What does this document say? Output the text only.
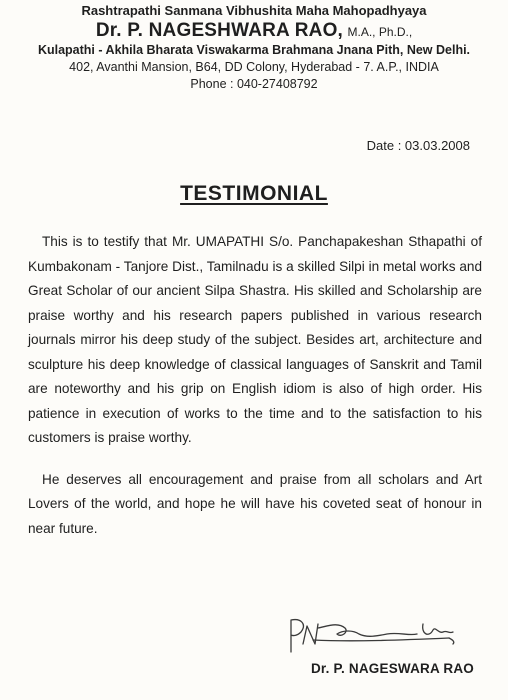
Rashtrapathi Sanmana Vibhushita Maha Mahopadhyaya
Dr. P. NAGESHWARA RAO, M.A., Ph.D.,
Kulapathi - Akhila Bharata Viswakarma Brahmana Jnana Pith, New Delhi.
402, Avanthi Mansion, B64, DD Colony, Hyderabad - 7. A.P., INDIA
Phone : 040-27408792
Date : 03.03.2008
TESTIMONIAL

This is to testify that Mr. UMAPATHI S/o. Panchapakeshan Sthapathi of Kumbakonam - Tanjore Dist., Tamilnadu is a skilled Silpi in metal works and Great Scholar of our ancient Silpa Shastra. His skilled and Scholarship are praise worthy and his research papers published in various research journals mirror his deep study of the subject. Besides art, architecture and sculpture his deep knowledge of classical languages of Sanskrit and Tamil are noteworthy and his grip on English idiom is also of high order. His patience in execution of works to the time and to the satisfaction to his customers is praise worthy.

He deserves all encouragement and praise from all scholars and Art Lovers of the world, and hope he will have his coveted seat of honour in near future.

Dr. P. NAGESWARA RAO
